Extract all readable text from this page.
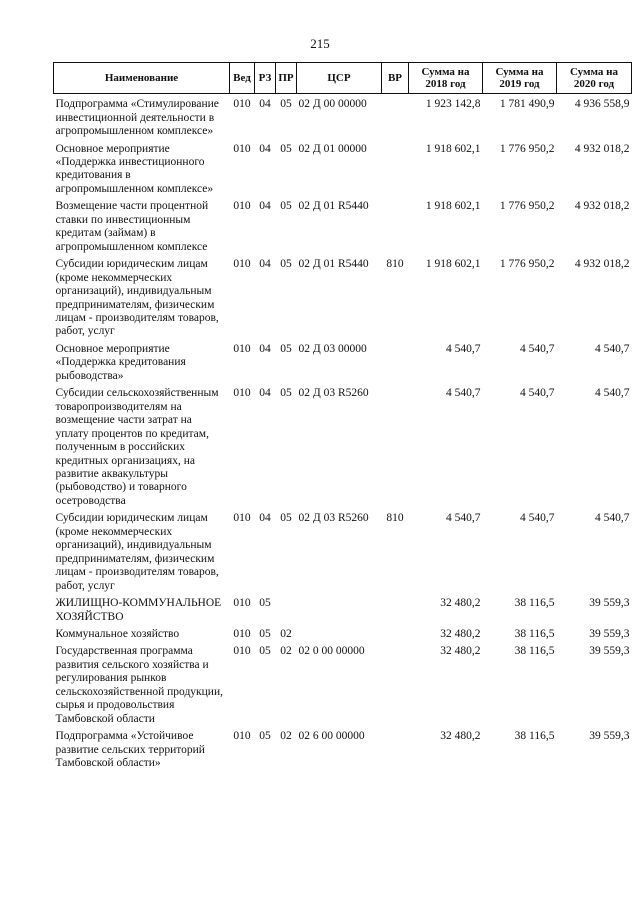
215
Наименование	Вед	РЗ	ПР	ЦСР	ВР	Сумма на 2018 год	Сумма на 2019 год	Сумма на 2020 год
Подпрограмма «Стимулирование инвестиционной деятельности в агропромышленном комплексе»	010	04	05	02 Д 00 00000		1 923 142,8	1 781 490,9	4 936 558,9
Основное мероприятие «Поддержка инвестиционного кредитования в агропромышленном комплексе»	010	04	05	02 Д 01 00000		1 918 602,1	1 776 950,2	4 932 018,2
Возмещение части процентной ставки по инвестиционным кредитам (займам) в агропромышленном комплексе	010	04	05	02 Д 01 R5440		1 918 602,1	1 776 950,2	4 932 018,2
Субсидии юридическим лицам (кроме некоммерческих организаций), индивидуальным предпринимателям, физическим лицам - производителям товаров, работ, услуг	010	04	05	02 Д 01 R5440	810	1 918 602,1	1 776 950,2	4 932 018,2
Основное мероприятие «Поддержка кредитования рыбоводства»	010	04	05	02 Д 03 00000		4 540,7	4 540,7	4 540,7
Субсидии сельскохозяйственным товаропроизводителям на возмещение части затрат на уплату процентов по кредитам, полученным в российских кредитных организациях, на развитие аквакультуры (рыбоводство) и товарного осетроводства	010	04	05	02 Д 03 R5260		4 540,7	4 540,7	4 540,7
Субсидии юридическим лицам (кроме некоммерческих организаций), индивидуальным предпринимателям, физическим лицам - производителям товаров, работ, услуг	010	04	05	02 Д 03 R5260	810	4 540,7	4 540,7	4 540,7
ЖИЛИЩНО-КОММУНАЛЬНОЕ ХОЗЯЙСТВО	010	05				32 480,2	38 116,5	39 559,3
Коммунальное хозяйство	010	05	02			32 480,2	38 116,5	39 559,3
Государственная программа развития сельского хозяйства и регулирования рынков сельскохозяйственной продукции, сырья и продовольствия Тамбовской области	010	05	02	02 0 00 00000		32 480,2	38 116,5	39 559,3
Подпрограмма «Устойчивое развитие сельских территорий Тамбовской области»	010	05	02	02 6 00 00000		32 480,2	38 116,5	39 559,3
